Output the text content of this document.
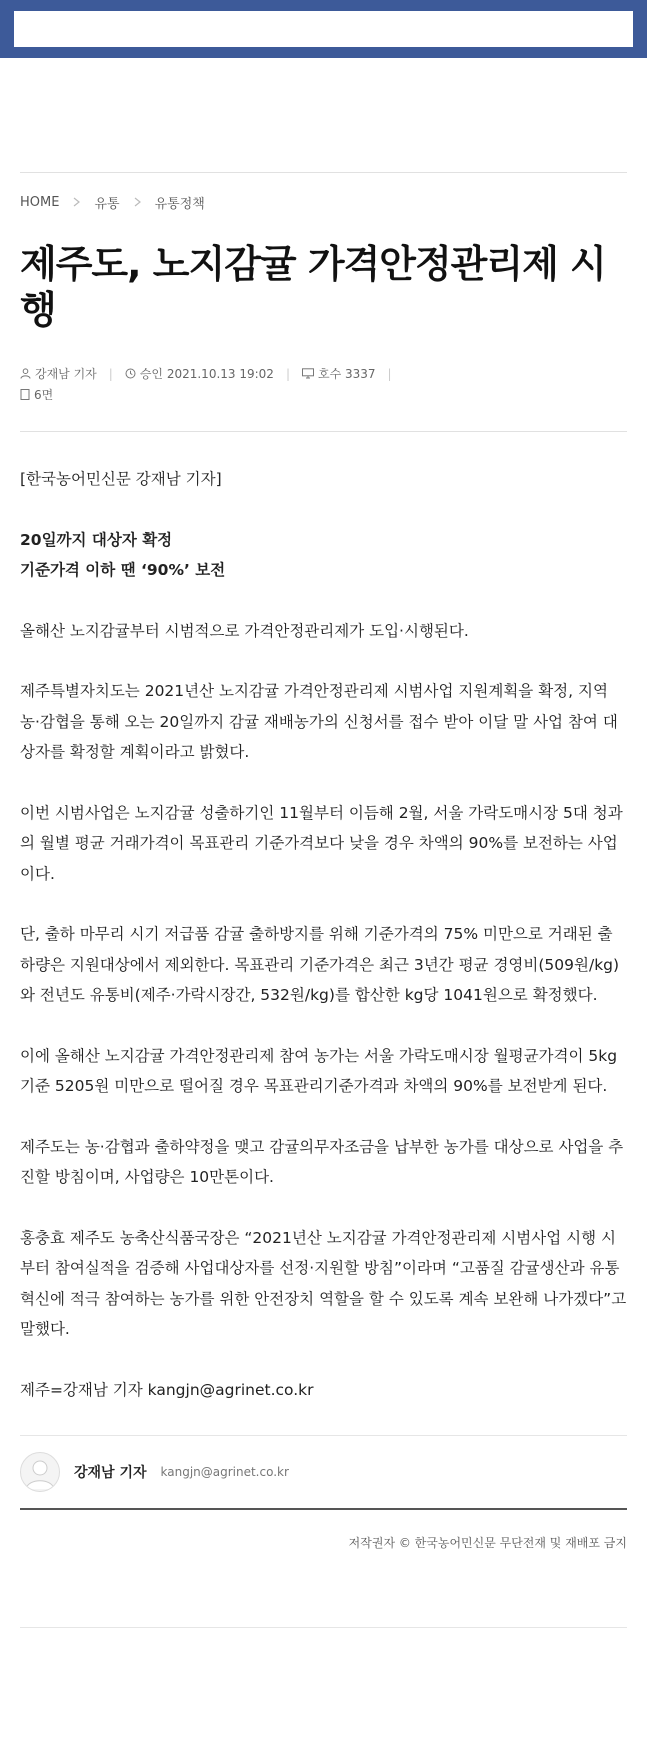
HOME	유통	유통정책
제주도, 노지감귤 가격안정관리제 시행
강재남 기자 | 승인 2021.10.13 19:02 | 호수 3337 |
6면

[한국농어민신문 강재남 기자]

20일까지 대상자 확정
기준가격 이하 땐 ‘90%’ 보전

올해산 노지감귤부터 시범적으로 가격안정관리제가 도입·시행된다.

제주특별자치도는 2021년산 노지감귤 가격안정관리제 시범사업 지원계획을 확정, 지역 농·감협을 통해 오는 20일까지 감귤 재배농가의 신청서를 접수 받아 이달 말 사업 참여 대상자를 확정할 계획이라고 밝혔다.

이번 시범사업은 노지감귤 성출하기인 11월부터 이듬해 2월, 서울 가락도매시장 5대 청과의 월별 평균 거래가격이 목표관리 기준가격보다 낮을 경우 차액의 90%를 보전하는 사업이다.

단, 출하 마무리 시기 저급품 감귤 출하방지를 위해 기준가격의 75% 미만으로 거래된 출하량은 지원대상에서 제외한다. 목표관리 기준가격은 최근 3년간 평균 경영비(509원/kg)와 전년도 유통비(제주·가락시장간, 532원/kg)를 합산한 kg당 1041원으로 확정했다.

이에 올해산 노지감귤 가격안정관리제 참여 농가는 서울 가락도매시장 월평균가격이 5kg 기준 5205원 미만으로 떨어질 경우 목표관리기준가격과 차액의 90%를 보전받게 된다.

제주도는 농·감협과 출하약정을 맺고 감귤의무자조금을 납부한 농가를 대상으로 사업을 추진할 방침이며, 사업량은 10만톤이다.

홍충효 제주도 농축산식품국장은 “2021년산 노지감귤 가격안정관리제 시범사업 시행 시부터 참여실적을 검증해 사업대상자를 선정·지원할 방침”이라며 “고품질 감귤생산과 유통혁신에 적극 참여하는 농가를 위한 안전장치 역할을 할 수 있도록 계속 보완해 나가겠다”고 말했다.

제주=강재남 기자 kangjn@agrinet.co.kr

강재남 기자 kangjn@agrinet.co.kr
저작권자 © 한국농어민신문 무단전재 및 재배포 금지
